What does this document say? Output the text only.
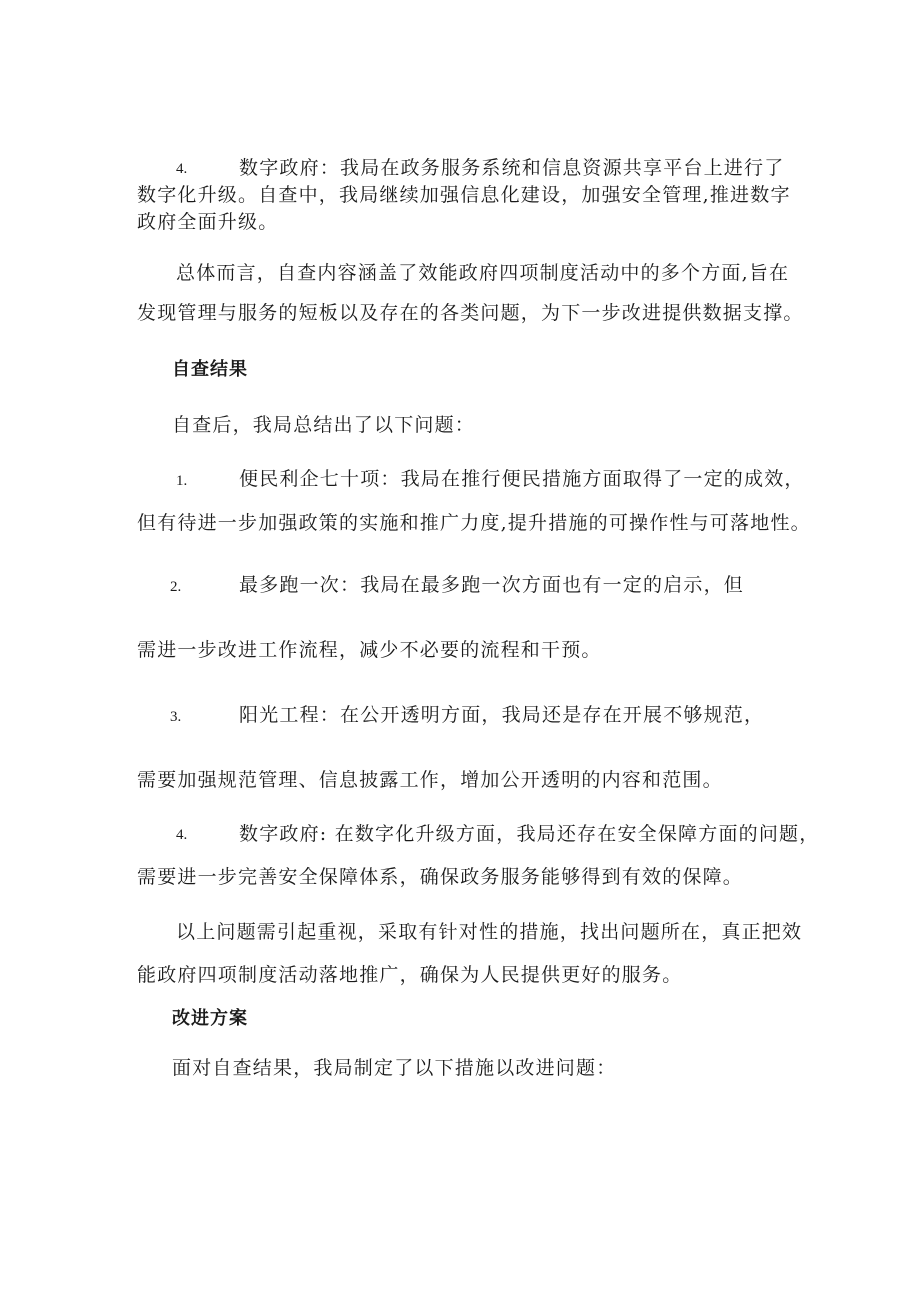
4.	数字政府：我局在政务服务系统和信息资源共享平台上进行了
数字化升级。自查中，我局继续加强信息化建设，加强安全管理,推进数字
政府全面升级。
总体而言，自查内容涵盖了效能政府四项制度活动中的多个方面,旨在
发现管理与服务的短板以及存在的各类问题，为下一步改进提供数据支撑。
自查结果
自查后，我局总结出了以下问题：
1.	便民利企七十项：我局在推行便民措施方面取得了一定的成效，
但有待进一步加强政策的实施和推广力度,提升措施的可操作性与可落地性。
2.	最多跑一次：我局在最多跑一次方面也有一定的启示，但
需进一步改进工作流程，减少不必要的流程和干预。
3.	阳光工程：在公开透明方面，我局还是存在开展不够规范，
需要加强规范管理、信息披露工作，增加公开透明的内容和范围。
4.	数字政府: 在数字化升级方面，我局还存在安全保障方面的问题，
需要进一步完善安全保障体系，确保政务服务能够得到有效的保障。
以上问题需引起重视，采取有针对性的措施，找出问题所在，真正把效
能政府四项制度活动落地推广，确保为人民提供更好的服务。
改进方案
面对自查结果，我局制定了以下措施以改进问题：
